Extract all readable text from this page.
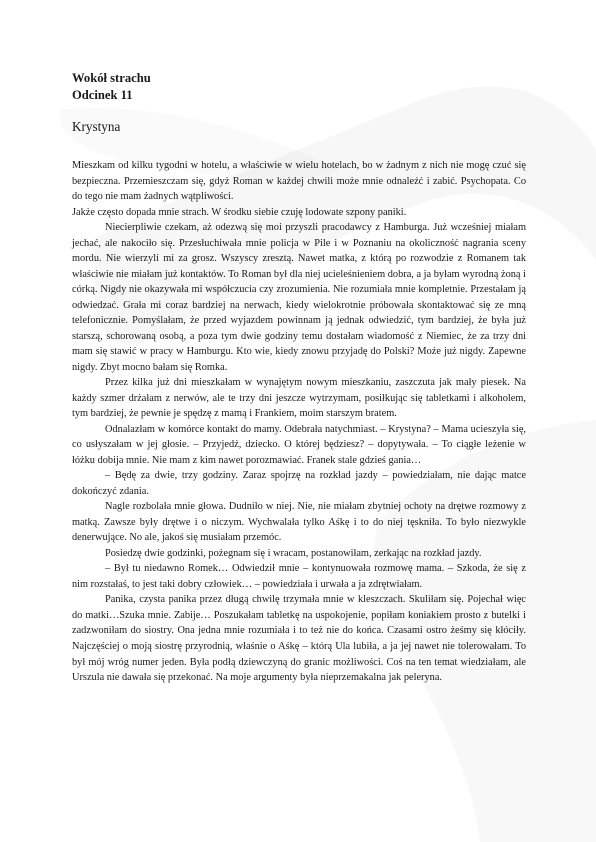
Wokół strachu
Odcinek 11
Krystyna

Mieszkam od kilku tygodni w hotelu, a właściwie w wielu hotelach, bo w żadnym z nich nie mogę czuć się bezpieczna. Przemieszczam się, gdyż Roman w każdej chwili może mnie odnaleźć i zabić. Psychopata. Co do tego nie mam żadnych wątpliwości.

Jakże często dopada mnie strach. W środku siebie czuję lodowate szpony paniki.

Niecierpliwie czekam, aż odezwą się moi przyszli pracodawcy z Hamburga. Już wcześniej miałam jechać, ale nakociło się. Przesłuchiwała mnie policja w Pile i w Poznaniu na okoliczność nagrania sceny mordu. Nie wierzyli mi za grosz. Wszyscy zresztą. Nawet matka, z którą po rozwodzie z Romanem tak właściwie nie miałam już kontaktów. To Roman był dla niej ucieleśnieniem dobra, a ja byłam wyrodną żoną i córką. Nigdy nie okazywała mi współczucia czy zrozumienia. Nie rozumiała mnie kompletnie. Przestałam ją odwiedzać. Grała mi coraz bardziej na nerwach, kiedy wielokrotnie próbowała skontaktować się ze mną telefonicznie. Pomyślałam, że przed wyjazdem powinnam ją jednak odwiedzić, tym bardziej, że była już starszą, schorowaną osobą, a poza tym dwie godziny temu dostałam wiadomość z Niemiec, że za trzy dni mam się stawić w pracy w Hamburgu. Kto wie, kiedy znowu przyjadę do Polski? Może już nigdy. Zapewne nigdy. Zbyt mocno bałam się Romka.

Przez kilka już dni mieszkałam w wynajętym nowym mieszkaniu, zaszczuta jak mały piesek. Na każdy szmer drżałam z nerwów, ale te trzy dni jeszcze wytrzymam, posiłkując się tabletkami i alkoholem, tym bardziej, że pewnie je spędzę z mamą i Frankiem, moim starszym bratem.

Odnalazłam w komórce kontakt do mamy. Odebrała natychmiast. – Krystyna? – Mama ucieszyła się, co usłyszałam w jej głosie. – Przyjedź, dziecko. O której będziesz? – dopytywała. – To ciągłe leżenie w łóżku dobija mnie. Nie mam z kim nawet porozmawiać. Franek stale gdzieś gania…

– Będę za dwie, trzy godziny. Zaraz spojrzę na rozkład jazdy – powiedziałam, nie dając matce dokończyć zdania.

Nagle rozbolała mnie głowa. Dudniło w niej. Nie, nie miałam zbytniej ochoty na drętwe rozmowy z matką. Zawsze były drętwe i o niczym. Wychwalała tylko Aśkę i to do niej tęskniła. To było niezwykle denerwujące. No ale, jakoś się musiałam przemóc.

Posiedzę dwie godzinki, pożegnam się i wracam, postanowiłam, zerkając na rozkład jazdy.

– Był tu niedawno Romek… Odwiedził mnie – kontynuowała rozmowę mama. – Szkoda, że się z nim rozstałaś, to jest taki dobry człowiek… – powiedziała i urwała a ja zdrętwiałam.

Panika, czysta panika przez długą chwilę trzymała mnie w kleszczach. Skuliłam się. Pojechał więc do matki…Szuka mnie. Zabije… Poszukałam tabletkę na uspokojenie, popiłam koniakiem prosto z butelki i zadzwoniłam do siostry. Ona jedna mnie rozumiała i to też nie do końca. Czasami ostro żeśmy się kłóciły. Najczęściej o moją siostrę przyrodnią, właśnie o Aśkę – którą Ula lubiła, a ja jej nawet nie tolerowałam. To był mój wróg numer jeden. Była podłą dziewczyną do granic możliwości. Coś na ten temat wiedziałam, ale Urszula nie dawała się przekonać. Na moje argumenty była nieprzemakalna jak peleryna.
